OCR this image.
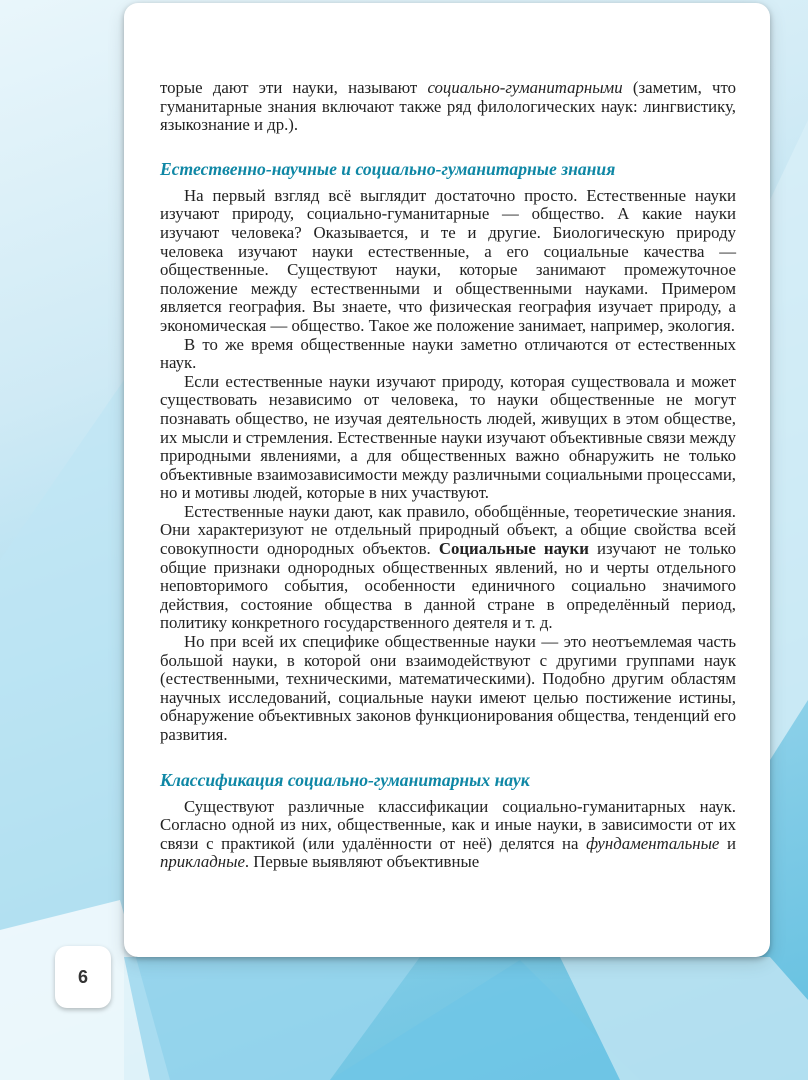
торые дают эти науки, называют социально-гуманитарными (заметим, что гуманитарные знания включают также ряд филологических наук: лингвистику, языкознание и др.).

Естественно-научные и социально-гуманитарные знания

На первый взгляд всё выглядит достаточно просто. Естественные науки изучают природу, социально-гуманитарные — общество. А какие науки изучают человека? Оказывается, и те и другие. Биологическую природу человека изучают науки естественные, а его социальные качества — общественные. Существуют науки, которые занимают промежуточное положение между естественными и общественными науками. Примером является география. Вы знаете, что физическая география изучает природу, а экономическая — общество. Такое же положение занимает, например, экология.

В то же время общественные науки заметно отличаются от естественных наук.

Если естественные науки изучают природу, которая существовала и может существовать независимо от человека, то науки общественные не могут познавать общество, не изучая деятельность людей, живущих в этом обществе, их мысли и стремления. Естественные науки изучают объективные связи между природными явлениями, а для общественных важно обнаружить не только объективные взаимозависимости между различными социальными процессами, но и мотивы людей, которые в них участвуют.

Естественные науки дают, как правило, обобщённые, теоретические знания. Они характеризуют не отдельный природный объект, а общие свойства всей совокупности однородных объектов. Социальные науки изучают не только общие признаки однородных общественных явлений, но и черты отдельного неповторимого события, особенности единичного социально значимого действия, состояние общества в данной стране в определённый период, политику конкретного государственного деятеля и т. д.

Но при всей их специфике общественные науки — это неотъемлемая часть большой науки, в которой они взаимодействуют с другими группами наук (естественными, техническими, математическими). Подобно другим областям научных исследований, социальные науки имеют целью постижение истины, обнаружение объективных законов функционирования общества, тенденций его развития.

Классификация социально-гуманитарных наук

Существуют различные классификации социально-гуманитарных наук. Согласно одной из них, общественные, как и иные науки, в зависимости от их связи с практикой (или удалённости от неё) делятся на фундаментальные и прикладные. Первые выявляют объективные

6
